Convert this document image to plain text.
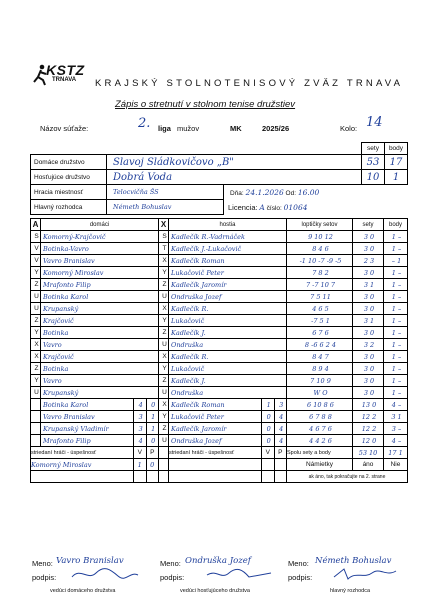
KSTZ
TRNAVA KRAJSKÝ STOLNOTENISOVÝ ZVÄZ TRNAVA
Zápis o stretnutí v stolnom tenise družstiev
Názov súťaže:	2. liga mužov	MK	2025/26	Kolo: 14
			sety	body
Domáce družstvo	Slavoj Sládkovičovo „B"		53	17
Hosťujúce družstvo	Dobrá Voda		10	1
Hracia miestnosť	Telocvičňa ŠS	Dňa: 24.1.2026 Od: 16.00		
Hlavný rozhodca	Németh Bohuslav	Licencia: A číslo: 01064		
A	domáci			X	hostia			loptičky setov	sety	body
S	Komorný-Krajčovič			S	Kadlečík R.-Vadrnáček			9 10 12	3 0	1 –
V	Botinka-Vavro			T	Kadlečík J.-Lukačovič			8 4 6	3 0	1 –
V	Vavro Branislav			X	Kadlečík Roman			-1 10 -7 -9 -5	2 3	– 1
Y	Komorný Miroslav			Y	Lukačovič Peter			7 8 2	3 0	1 –
Z	Mrafonto Filip			Z	Kadlečík Jaromír			7 -7 10 7	3 1	1 –
U	Botinka Karol			U	Ondruška Jozef			7 5 11	3 0	1 –
U	Krupanský			X	Kadlečík R.			4 6 5	3 0	1 –
Z	Krajčovič			Y	Lukačovič			-7 5 1	3 1	1 –
Y	Botinka			Z	Kadlečík J.			6 7 6	3 0	1 –
X	Vavro			U	Ondruška			8 -6 6 2 4	3 2	1 –
X	Krajčovič			X	Kadlečík R.			8 4 7	3 0	1 –
Z	Botinka			Y	Lukačovič			8 9 4	3 0	1 –
Y	Vavro			Z	Kadlečík J.			7 10 9	3 0	1 –
U	Krupanský			U	Ondruška			W O	3 0	1 –
	Botinka Karol	4	0	X	Kadlečík Roman	1	3	6 10 8 6	13 0	4 –
	Vavro Branislav	3	1	Y	Lukačovič Peter	0	4	6 7 8 8	12 2	3 1
	Krupanský Vladimír	3	1	Z	Kadlečík Jaromír	0	4	4 6 7 6	12 2	3 –
	Mrafonto Filip	4	0	U	Ondruška Jozef	0	4	4 4 2 6	12 0	4 –
striedaní hráči - úspešnosť		V	P		striedaní hráči - úspešnosť	V	P	Spolu sety a body	53 10	17 1
Komorný Miroslav		1	0					Námietky	áno	Nie
								ak áno, tak pokračujte na 2. strane		
Meno: Vavro Branislav	Meno: Ondruška Jozef	Meno: Németh Bohuslav
podpis:	podpis:	podpis:
vedúci domáceho družstva	vedúci hosťujúceho družstva	hlavný rozhodca
